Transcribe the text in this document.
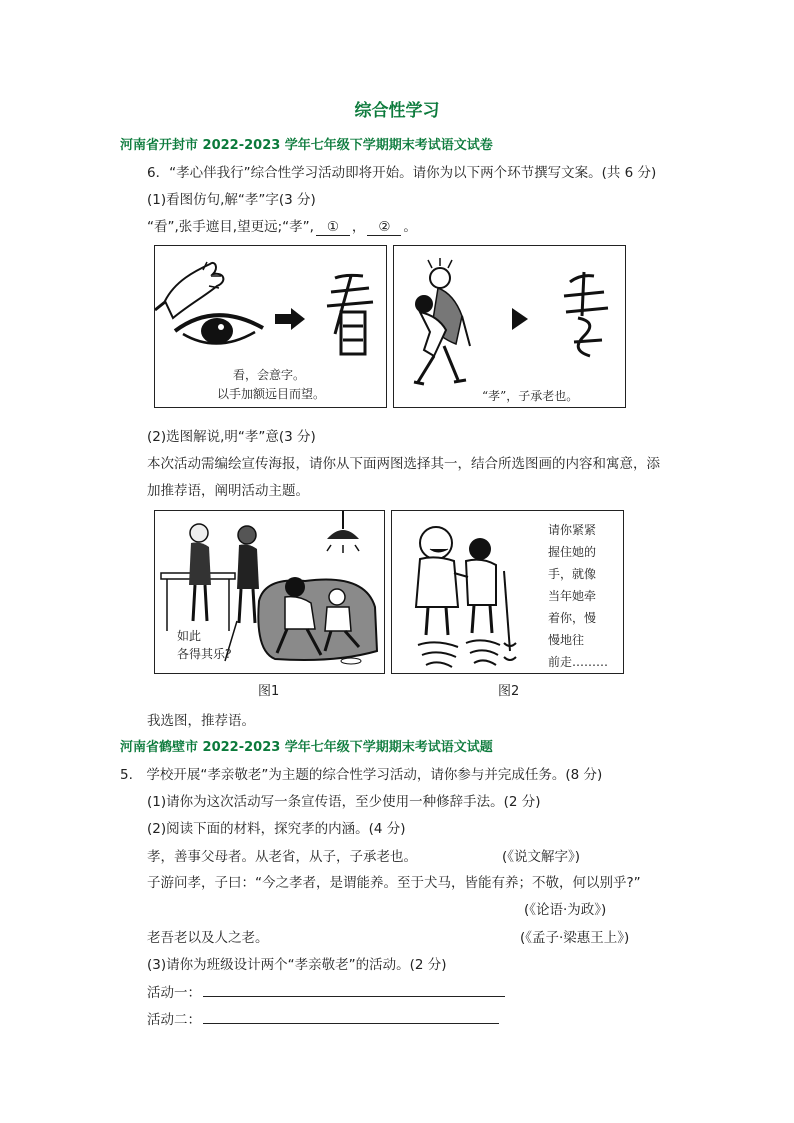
综合性学习
河南省开封市 2022-2023 学年七年级下学期期末考试语文试卷
6．“孝心伴我行”综合性学习活动即将开始。请你为以下两个环节撰写文案。(共 6 分)
(1)看图仿句,解“孝”字(3 分)
“看”,张手遮目,望更远;“孝”, ① ， ② 。
看，会意字。
以手加额远目而望。	“孝”，子承老也。
(2)选图解说,明“孝”意(3 分)
本次活动需编绘宣传海报，请你从下面两图选择其一，结合所选图画的内容和寓意，添
加推荐语，阐明活动主题。
如此
各得其乐?
请你紧紧
握住她的
手，就像
当年她牵
着你，慢
慢地往
前走………
图1	图2
我选图，推荐语。
河南省鹤壁市 2022-2023 学年七年级下学期期末考试语文试题
5.　学校开展“孝亲敬老”为主题的综合性学习活动，请你参与并完成任务。(8 分)
(1)请你为这次活动写一条宣传语，至少使用一种修辞手法。(2 分)
(2)阅读下面的材料，探究孝的内涵。(4 分)
孝，善事父母者。从老省，从子，子承老也。	(《说文解字》)
子游问孝，子曰：“今之孝者，是谓能养。至于犬马，皆能有养；不敬，何以别乎?”
(《论语·为政》)
老吾老以及人之老。	(《孟子·梁惠王上》)
(3)请你为班级设计两个“孝亲敬老”的活动。(2 分)
活动一：
活动二：
